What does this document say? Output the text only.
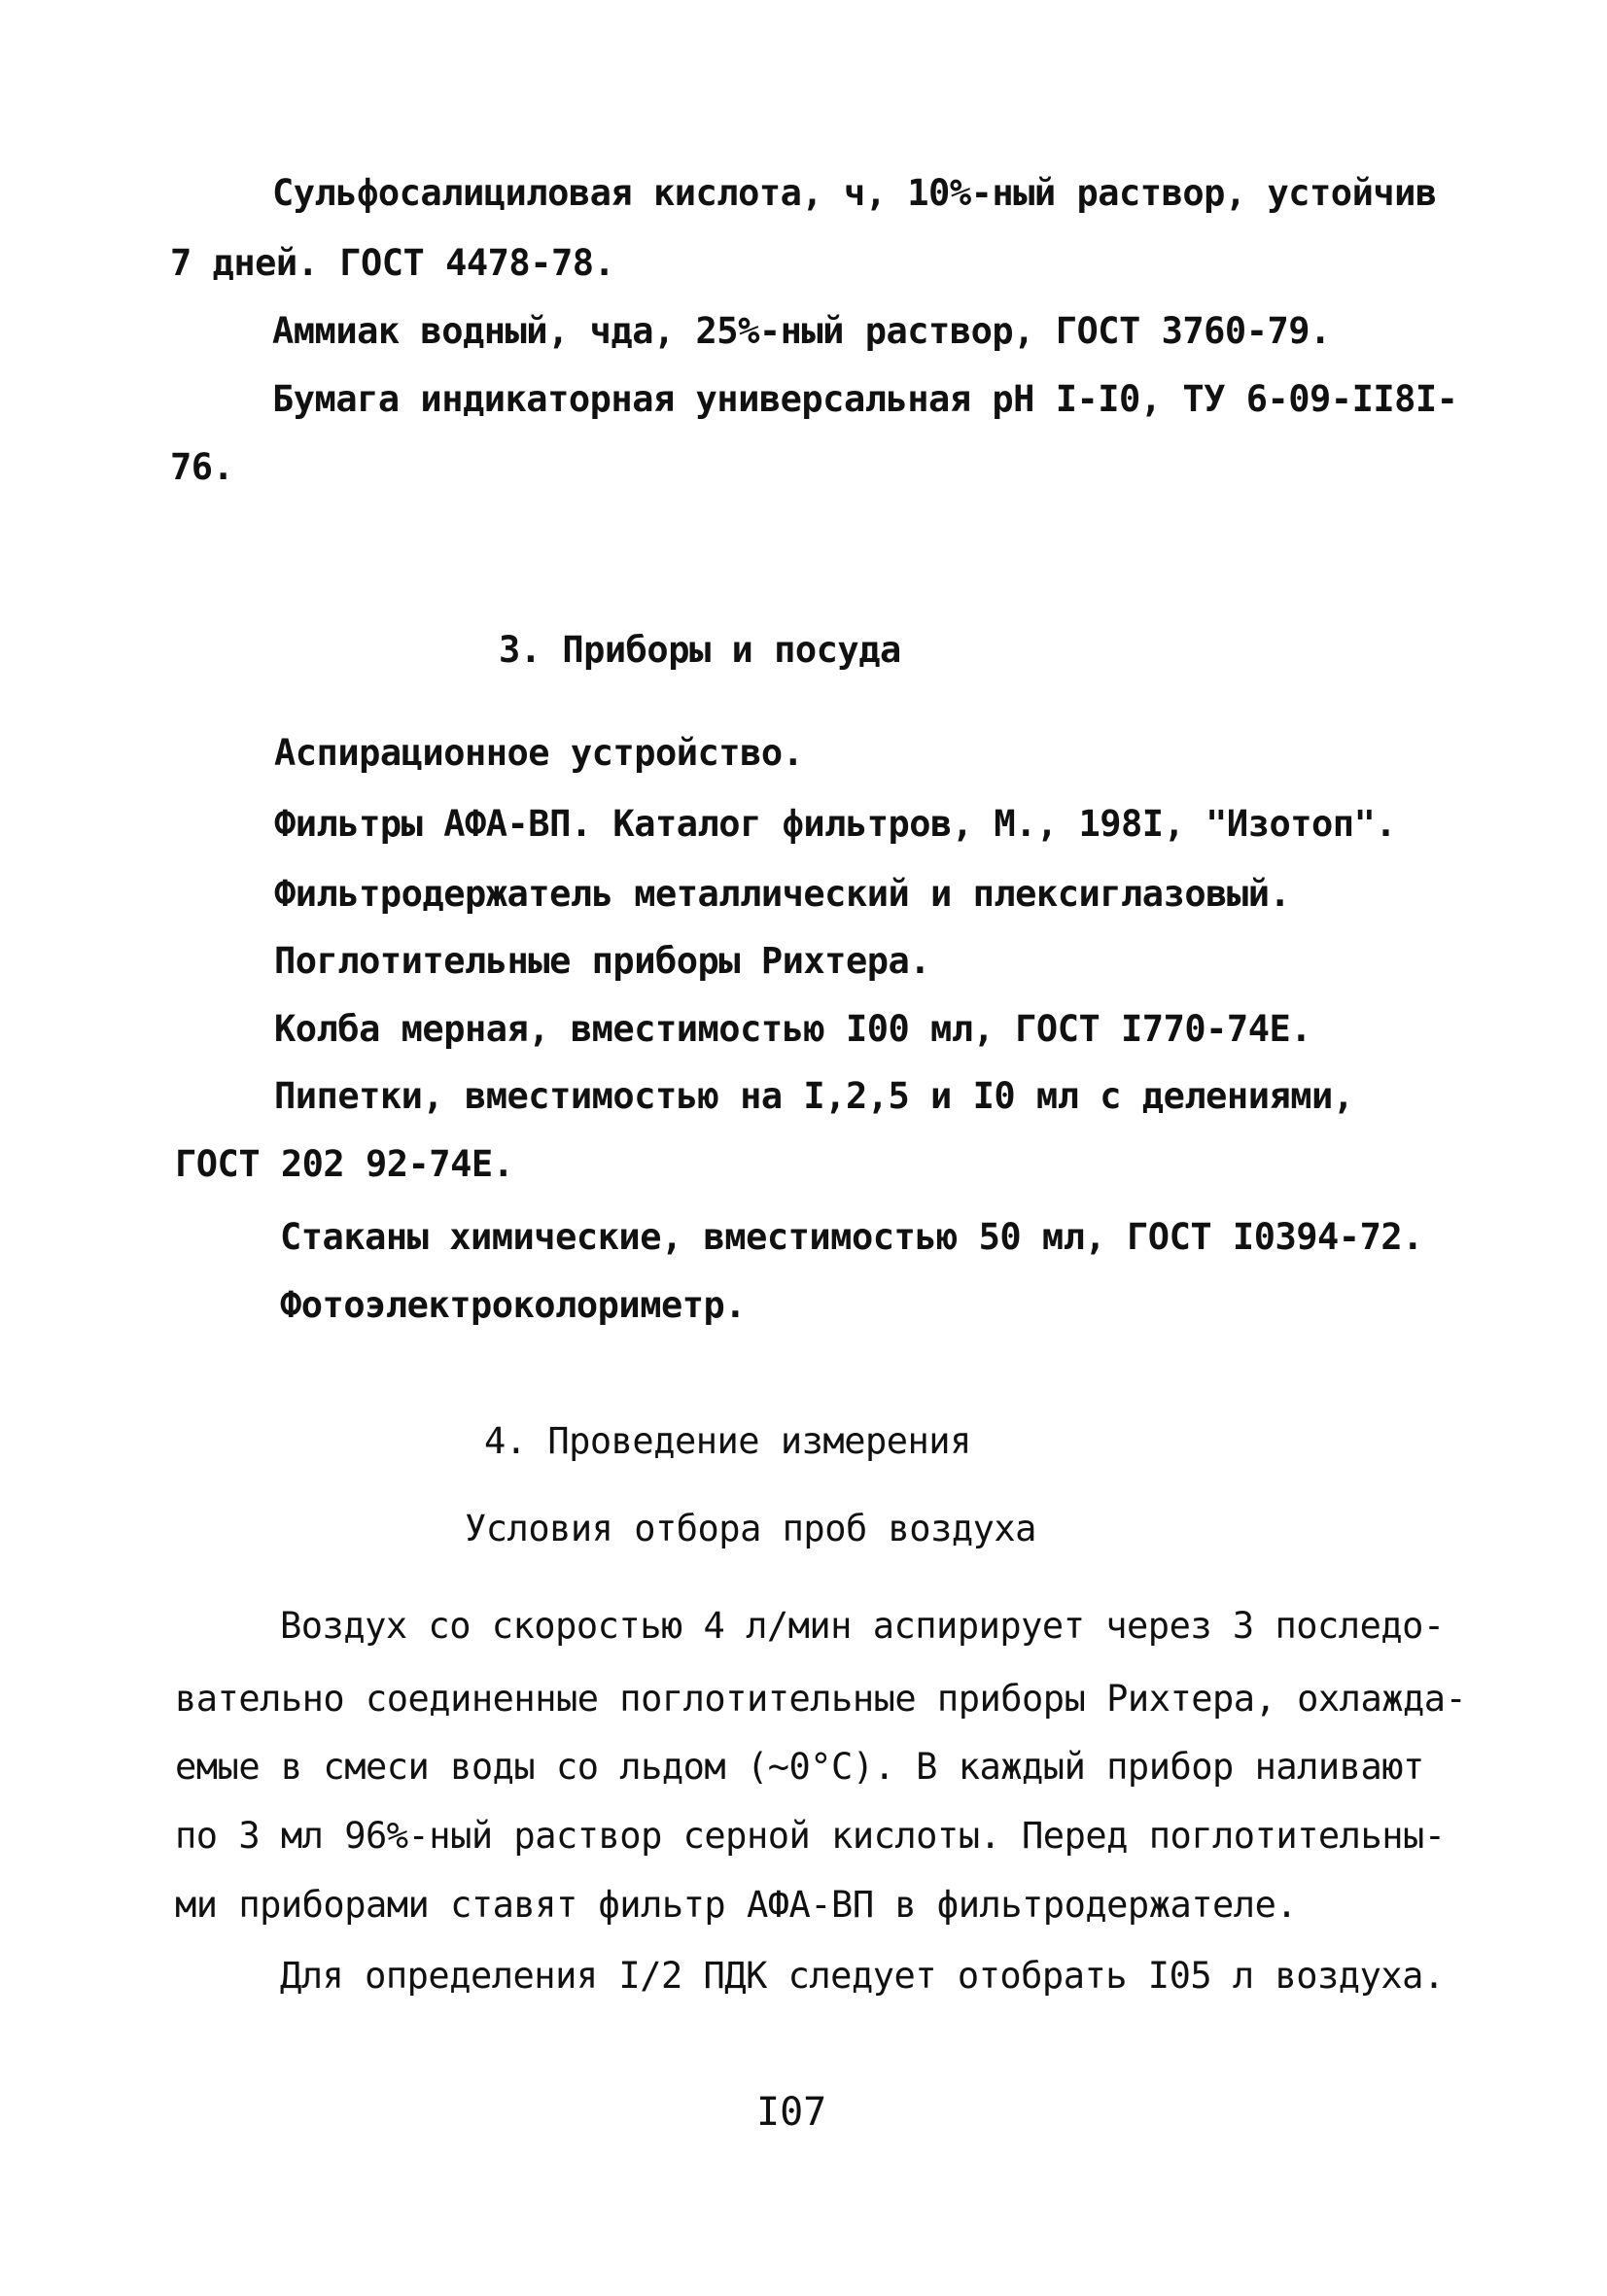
Сульфосалициловая кислота, ч, 10%-ный раствор, устойчив
7 дней. ГОСТ 4478-78.
Аммиак водный, чда, 25%-ный раствор, ГОСТ 3760-79.
Бумага индикаторная универсальная pH I-I0, ТУ 6-09-II8I-
76.
3. Приборы и посуда
Аспирационное устройство.
Фильтры АФА-ВП. Каталог фильтров, М., 198I, "Изотоп".
Фильтродержатель металлический и плексиглазовый.
Поглотительные приборы Рихтера.
Колба мерная, вместимостью I00 мл, ГОСТ I770-74Е.
Пипетки, вместимостью на I,2,5 и I0 мл с делениями,
ГОСТ 202 92-74Е.
Стаканы химические, вместимостью 50 мл, ГОСТ I0394-72.
Фотоэлектроколориметр.
4. Проведение измерения
Условия отбора проб воздуха
Воздух со скоростью 4 л/мин аспирирует через 3 последо-
вательно соединенные поглотительные приборы Рихтера, охлажда-
емые в смеси воды со льдом (~0°С). В каждый прибор наливают
по 3 мл 96%-ный раствор серной кислоты. Перед поглотительны-
ми приборами ставят фильтр АФА-ВП в фильтродержателе.
Для определения I/2 ПДК следует отобрать I05 л воздуха.
I07
